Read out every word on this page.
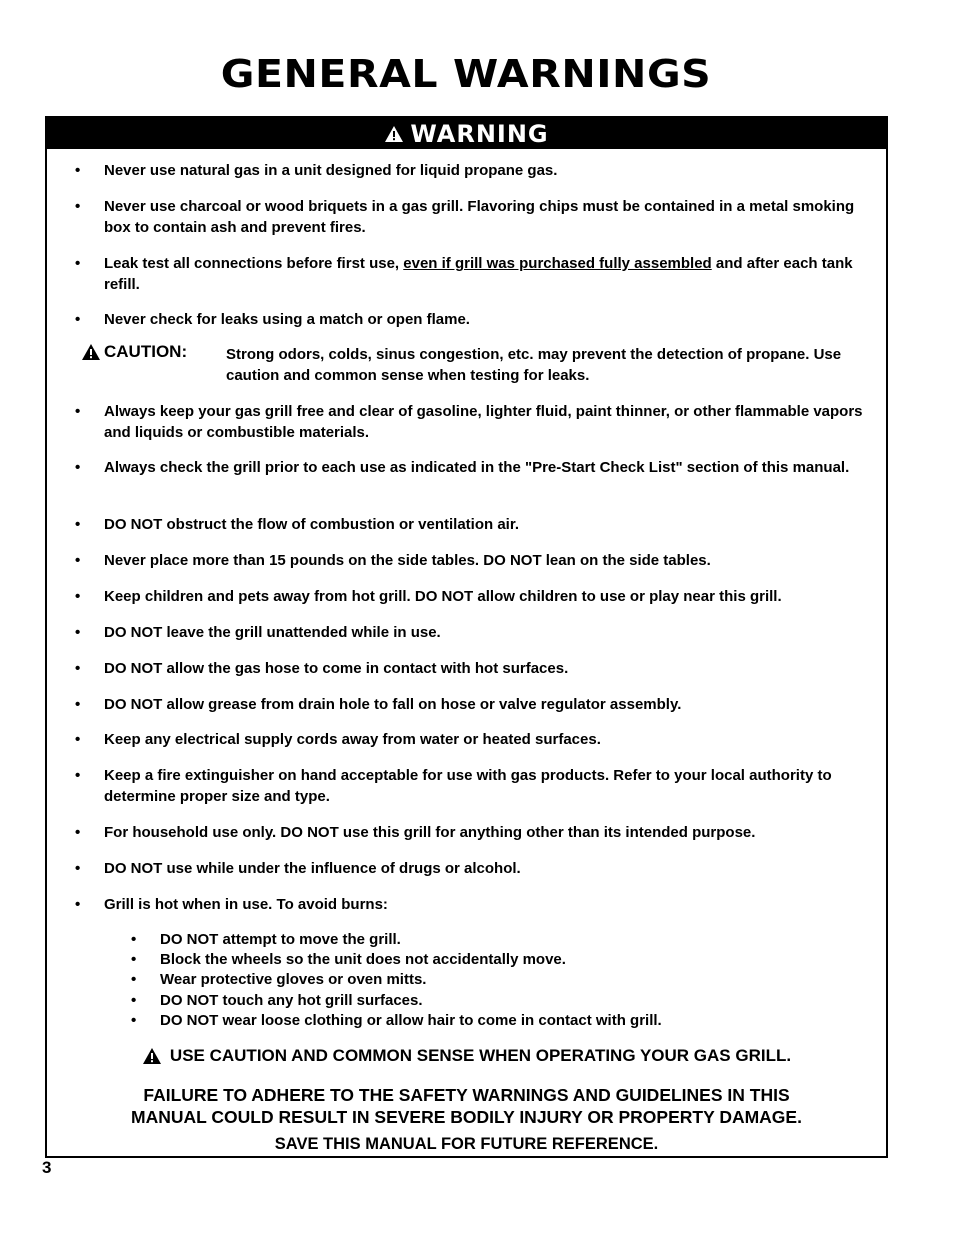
GENERAL WARNINGS
WARNING
• Never use natural gas in a unit designed for liquid propane gas.
• Never use charcoal or wood briquets in a gas grill. Flavoring chips must be contained in a metal smoking box to contain ash and prevent fires.
• Leak test all connections before first use, even if grill was purchased fully assembled and after each tank refill.
• Never check for leaks using a match or open flame.
CAUTION:	Strong odors, colds, sinus congestion, etc. may prevent the detection of propane. Use caution and common sense when testing for leaks.
• Always keep your gas grill free and clear of gasoline, lighter fluid, paint thinner, or other flammable vapors and liquids or combustible materials.
• Always check the grill prior to each use as indicated in the "Pre-Start Check List" section of this manual.
• DO NOT obstruct the flow of combustion or ventilation air.
• Never place more than 15 pounds on the side tables. DO NOT lean on the side tables.
• Keep children and pets away from hot grill. DO NOT allow children to use or play near this grill.
• DO NOT leave the grill unattended while in use.
• DO NOT allow the gas hose to come in contact with hot surfaces.
• DO NOT allow grease from drain hole to fall on hose or valve regulator assembly.
• Keep any electrical supply cords away from water or heated surfaces.
• Keep a fire extinguisher on hand acceptable for use with gas products. Refer to your local authority to determine proper size and type.
• For household use only. DO NOT use this grill for anything other than its intended purpose.
• DO NOT use while under the influence of drugs or alcohol.
• Grill is hot when in use. To avoid burns:
• DO NOT attempt to move the grill.
• Block the wheels so the unit does not accidentally move.
• Wear protective gloves or oven mitts.
• DO NOT touch any hot grill surfaces.
• DO NOT wear loose clothing or allow hair to come in contact with grill.
USE CAUTION AND COMMON SENSE WHEN OPERATING YOUR GAS GRILL.
FAILURE TO ADHERE TO THE SAFETY WARNINGS AND GUIDELINES IN THIS
MANUAL COULD RESULT IN SEVERE BODILY INJURY OR PROPERTY DAMAGE.
SAVE THIS MANUAL FOR FUTURE REFERENCE.
3
